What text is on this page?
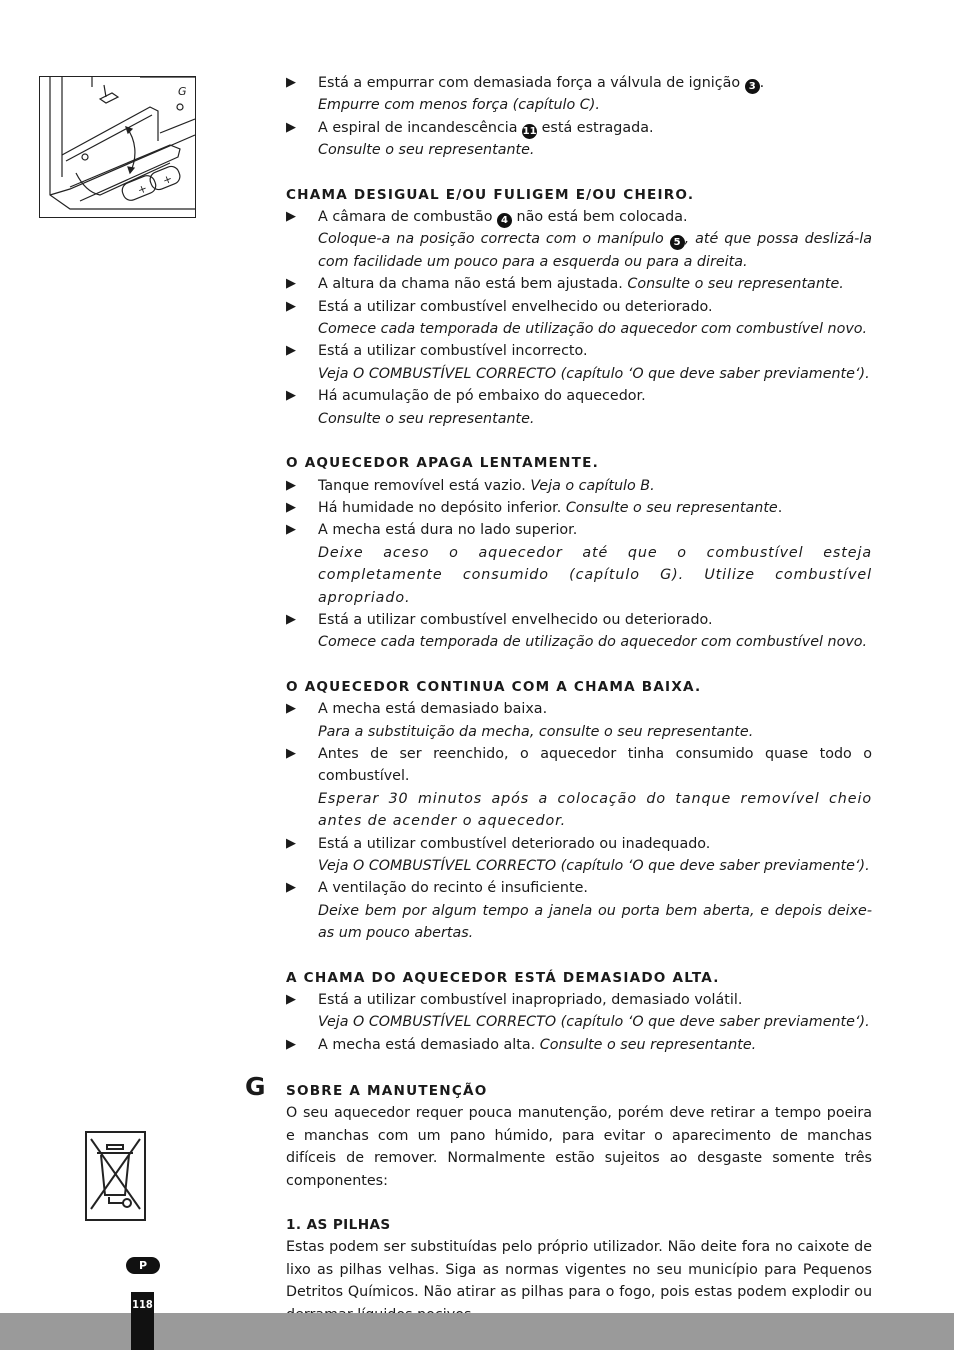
+
+
G
▶ Está a empurrar com demasiada força a válvula de ignição 3 .
Empurre com menos força (capítulo C).
▶ A espiral de incandescência 11 está estragada.
Consulte o seu representante.
CHAMA DESIGUAL E/OU FULIGEM E/OU CHEIRO.
▶ A câmara de combustão 4 não está bem colocada.
Coloque-a na posição correcta com o manípulo 5 , até que possa deslizá-la com facilidade um pouco para a esquerda ou para a direita.
▶ A altura da chama não está bem ajustada. Consulte o seu representante.
▶ Está a utilizar combustível envelhecido ou deteriorado.
Comece cada temporada de utilização do aquecedor com combustível novo.
▶ Está a utilizar combustível incorrecto.
Veja O COMBUSTÍVEL CORRECTO (capítulo ‘O que deve saber previamente‘).
▶ Há acumulação de pó embaixo do aquecedor.
Consulte o seu representante.
O AQUECEDOR APAGA LENTAMENTE.
▶ Tanque removível está vazio. Veja o capítulo B.
▶ Há humidade no depósito inferior. Consulte o seu representante.
▶ A mecha está dura no lado superior.
Deixe aceso o aquecedor até que o combustível esteja completamente consumido (capítulo G). Utilize combustível apropriado.
▶ Está a utilizar combustível envelhecido ou deteriorado.
Comece cada temporada de utilização do aquecedor com combustível novo.
O AQUECEDOR CONTINUA COM A CHAMA BAIXA.
▶ A mecha está demasiado baixa.
Para a substituição da mecha, consulte o seu representante.
▶ Antes de ser reenchido, o aquecedor tinha consumido quase todo o combustível.
Esperar 30 minutos após a colocação do tanque removível cheio antes de acender o aquecedor.
▶ Está a utilizar combustível deteriorado ou inadequado.
Veja O COMBUSTÍVEL CORRECTO (capítulo ‘O que deve saber previamente‘).
▶ A ventilação do recinto é insuficiente.
Deixe bem por algum tempo a janela ou porta bem aberta, e depois deixe-as um pouco abertas.
A CHAMA DO AQUECEDOR ESTÁ DEMASIADO ALTA.
▶ Está a utilizar combustível inapropriado, demasiado volátil.
Veja O COMBUSTÍVEL CORRECTO (capítulo ‘O que deve saber previamente‘).
▶ A mecha está demasiado alta. Consulte o seu representante.
G SOBRE A MANUTENÇÃO

O seu aquecedor requer pouca manutenção, porém deve retirar a tempo poeira e manchas com um pano húmido, para evitar o aparecimento de manchas difíceis de remover. Normalmente estão sujeitos ao desgaste somente três componentes:

1. AS PILHAS

Estas podem ser substituídas pelo próprio utilizador. Não deite fora no caixote de lixo as pilhas velhas. Siga as normas vigentes no seu município para Pequenos Detritos Químicos. Não atirar as pilhas para o fogo, pois estas podem explodir ou

P
118
